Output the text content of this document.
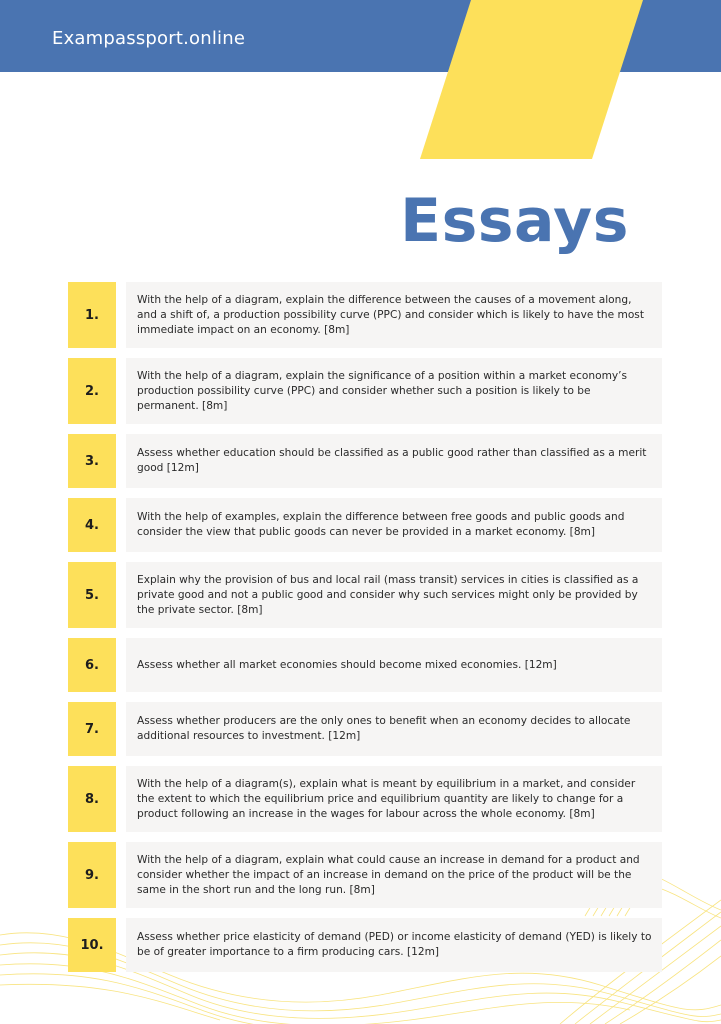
Exampassport.online
Essays
1.
With the help of a diagram, explain the difference between the causes of a movement along, and a shift of, a production possibility curve (PPC) and consider which is likely to have the most immediate impact on an economy. [8m]
2.
With the help of a diagram, explain the significance of a position within a market economy’s production possibility curve (PPC) and consider whether such a position is likely to be permanent. [8m]
3.
Assess whether education should be classified as a public good rather than classified as a merit good [12m]
4.
With the help of examples, explain the difference between free goods and public goods and consider the view that public goods can never be provided in a market economy. [8m]
5.
Explain why the provision of bus and local rail (mass transit) services in cities is classified as a private good and not a public good and consider why such services might only be provided by the private sector. [8m]
6.	Assess whether all market economies should become mixed economies. [12m]
7.
Assess whether producers are the only ones to benefit when an economy decides to allocate additional resources to investment. [12m]
8.
With the help of a diagram(s), explain what is meant by equilibrium in a market, and consider the extent to which the equilibrium price and equilibrium quantity are likely to change for a product following an increase in the wages for labour across the whole economy. [8m]
9.
With the help of a diagram, explain what could cause an increase in demand for a product and consider whether the impact of an increase in demand on the price of the product will be the same in the short run and the long run. [8m]
10.
Assess whether price elasticity of demand (PED) or income elasticity of demand (YED) is likely to be of greater importance to a firm producing cars. [12m]
